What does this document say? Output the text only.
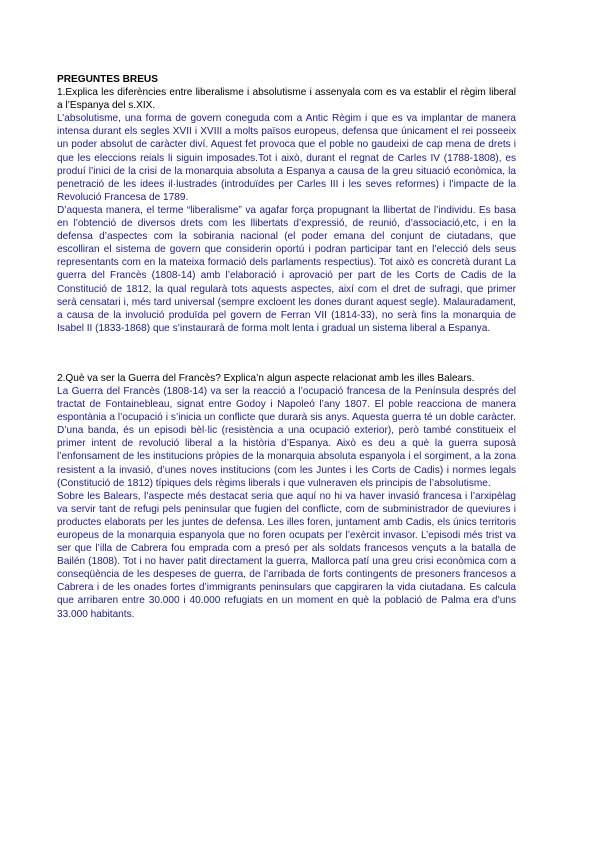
PREGUNTES BREUS

1.Explica les diferències entre liberalisme i absolutisme i assenyala com es va establir el règim liberal a l’Espanya del s.XIX.

L’absolutisme, una forma de govern coneguda com a Antic Règim i que es va implantar de manera intensa durant els segles XVII i XVIII a molts països europeus, defensa que únicament el rei posseeix un poder absolut de caràcter diví. Aquest fet provoca que el poble no gaudeixi de cap mena de drets i que les eleccions reials li siguin imposades.Tot i això, durant el regnat de Carles IV (1788-1808), es produí l’inici de la crisi de la monarquia absoluta a Espanya a causa de la greu situació econòmica, la penetració de les idees il·lustrades (introduïdes per Carles III i les seves reformes) i l’impacte de la Revolució Francesa de 1789.

D’aquesta manera, el terme “liberalisme” va agafar força propugnant la llibertat de l’individu. Es basa en l’obtenció de diversos drets com les llibertats d’expressió, de reunió, d’associació,etc, i en la defensa d’aspectes com la sobirania nacional (el poder emana del conjunt de ciutadans, que escolliran el sistema de govern que considerin oportú i podran participar tant en l’elecció dels seus representants com en la mateixa formació dels parlaments respectius). Tot això es concretà durant La guerra del Francès (1808-14) amb l’elaboració i aprovació per part de les Corts de Cadis de la Constitució de 1812, la qual regularà tots aquests aspectes, així com el dret de sufragi, que primer serà censatari i, més tard universal (sempre excloent les dones durant aquest segle). Malauradament, a causa de la involució produïda pel govern de Ferran VII (1814-33), no serà fins la monarquia de Isabel II (1833-1868) que s’instaurarà de forma molt lenta i gradual un sistema liberal a Espanya.

2.Què va ser la Guerra del Francès? Explica’n algun aspecte relacionat amb les illes Balears.

La Guerra del Francès (1808-14) va ser la reacció a l’ocupació francesa de la Península després del tractat de Fontainebleau, signat entre Godoy i Napoleó l’any 1807. El poble reacciona de manera espontània a l’ocupació i s’inicia un conflicte que durarà sis anys. Aquesta guerra té un doble caràcter. D’una banda, és un episodi bèl·lic (resistència a una ocupació exterior), però també constitueix el primer intent de revolució liberal a la història d’Espanya. Això es deu a què la guerra suposà l’enfonsament de les institucions pròpies de la monarquia absoluta espanyola i el sorgiment, a la zona resistent a la invasió, d’unes noves institucions (com les Juntes i les Corts de Cadis) i normes legals (Constitució de 1812) típiques dels règims liberals i que vulneraven els principis de l’absolutisme.

Sobre les Balears, l’aspecte més destacat seria que aquí no hi va haver invasió francesa i l’arxipèlag va servir tant de refugi pels peninsular que fugien del conflicte, com de subministrador de queviures i productes elaborats per les juntes de defensa. Les illes foren, juntament amb Cadis, els únics territoris europeus de la monarquia espanyola que no foren ocupats per l’exèrcit invasor. L’episodi més trist va ser que l’illa de Cabrera fou emprada com a presó per als soldats francesos vençuts a la batalla de Bailén (1808). Tot i no haver patit directament la guerra, Mallorca patí una greu crisi econòmica com a conseqüència de les despeses de guerra, de l’arribada de forts contingents de presoners francesos a Cabrera i de les onades fortes d’immigrants peninsulars que capgiraren la vida ciutadana. Es calcula que arribaren entre 30.000 i 40.000 refugiats en un moment en què la població de Palma era d’uns 33.000 habitants.
